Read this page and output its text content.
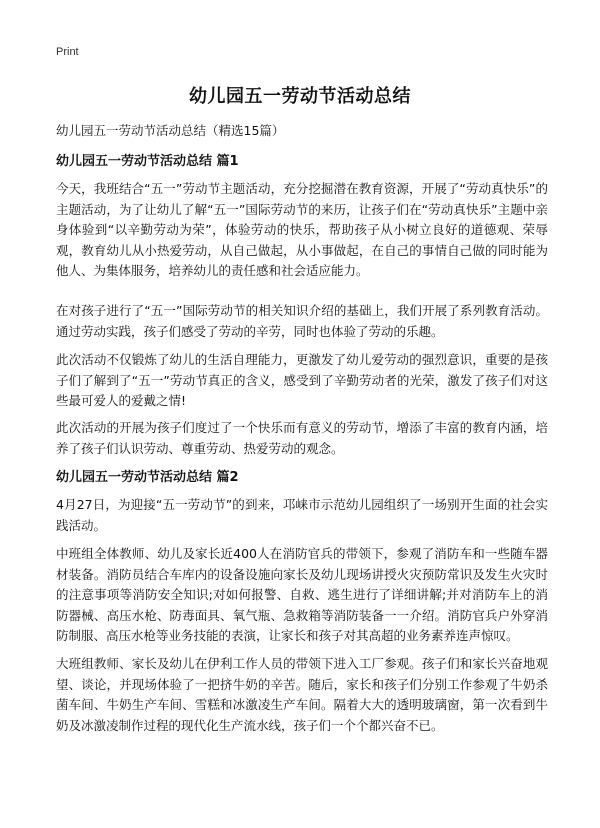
Print
幼儿园五一劳动节活动总结
幼儿园五一劳动节活动总结（精选15篇）
幼儿园五一劳动节活动总结 篇1
今天，我班结合“五一”劳动节主题活动，充分挖掘潜在教育资源，开展了“劳动真快乐”的主题活动，为了让幼儿了解“五一”国际劳动节的来历，让孩子们在“劳动真快乐”主题中亲身体验到“以辛勤劳动为荣”，体验劳动的快乐，帮助孩子从小树立良好的道德观、荣辱观，教育幼儿从小热爱劳动，从自己做起，从小事做起，在自己的事情自己做的同时能为他人、为集体服务，培养幼儿的责任感和社会适应能力。
在对孩子进行了“五一”国际劳动节的相关知识介绍的基础上，我们开展了系列教育活动。通过劳动实践，孩子们感受了劳动的辛劳，同时也体验了劳动的乐趣。
此次活动不仅锻炼了幼儿的生活自理能力，更激发了幼儿爱劳动的强烈意识，重要的是孩子们了解到了“五一”劳动节真正的含义，感受到了辛勤劳动者的光荣，激发了孩子们对这些最可爱人的爱戴之情!
此次活动的开展为孩子们度过了一个快乐而有意义的劳动节，增添了丰富的教育内涵，培养了孩子们认识劳动、尊重劳动、热爱劳动的观念。
幼儿园五一劳动节活动总结 篇2
4月27日，为迎接“五一劳动节”的到来，邛崃市示范幼儿园组织了一场别开生面的社会实践活动。
中班组全体教师、幼儿及家长近400人在消防官兵的带领下，参观了消防车和一些随车器材装备。消防员结合车库内的设备设施向家长及幼儿现场讲授火灾预防常识及发生火灾时的注意事项等消防安全知识;对如何报警、自救、逃生进行了详细讲解;并对消防车上的消防器械、高压水枪、防毒面具、氧气瓶、急救箱等消防装备一一介绍。消防官兵户外穿消防制服、高压水枪等业务技能的表演，让家长和孩子对其高超的业务素养连声惊叹。
大班组教师、家长及幼儿在伊利工作人员的带领下进入工厂参观。孩子们和家长兴奋地观望、谈论，并现场体验了一把挤牛奶的辛苦。随后，家长和孩子们分别工作参观了牛奶杀菌车间、牛奶生产车间、雪糕和冰激凌生产车间。隔着大大的透明玻璃窗，第一次看到牛奶及冰激凌制作过程的现代化生产流水线，孩子们一个个都兴奋不已。
